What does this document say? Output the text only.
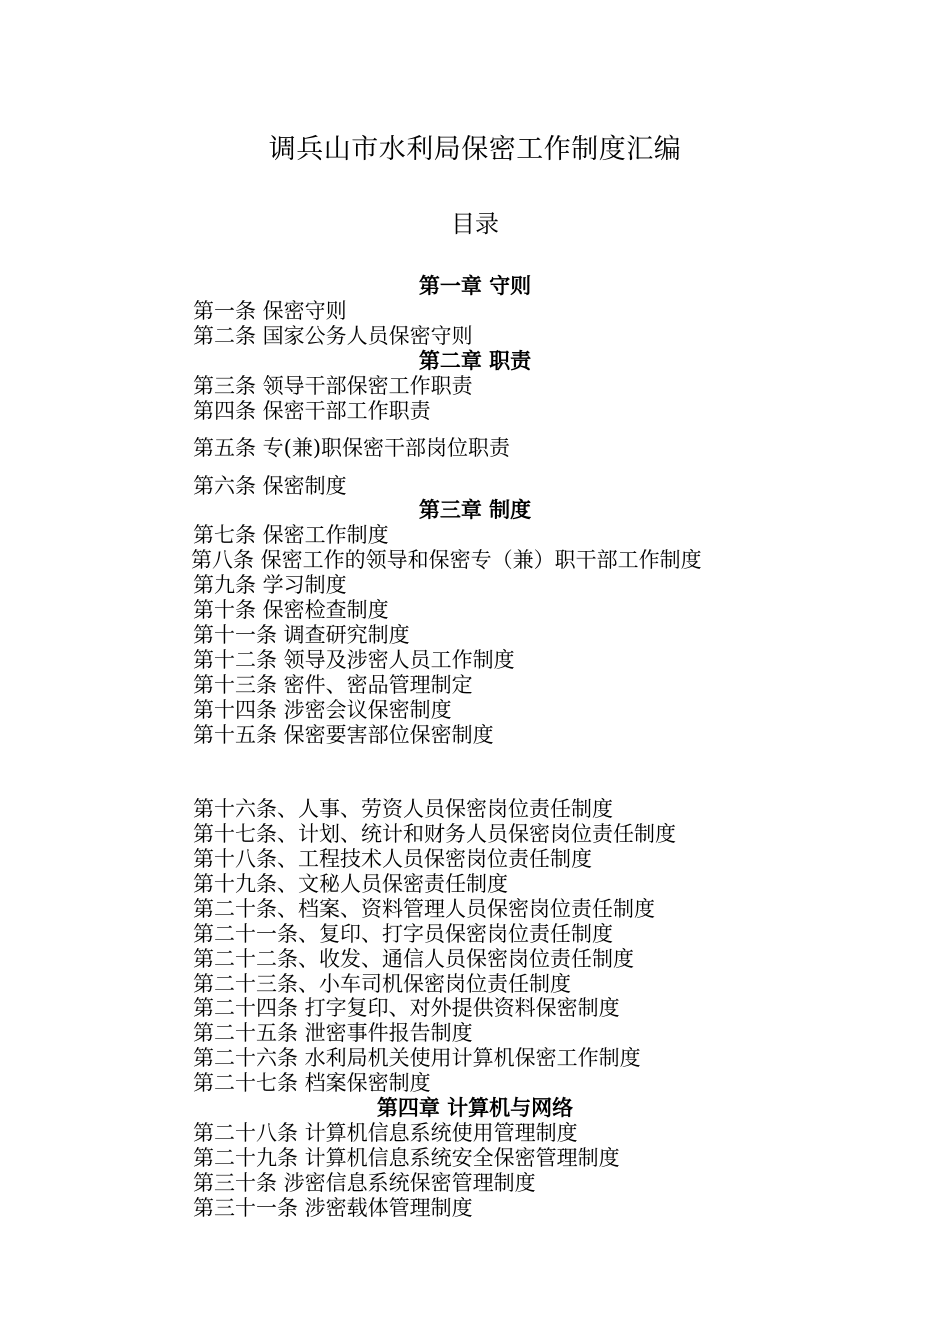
调兵山市水利局保密工作制度汇编
目录
第一章 守则
第一条 保密守则
第二条 国家公务人员保密守则
第二章 职责
第三条 领导干部保密工作职责
第四条 保密干部工作职责
第五条 专(兼)职保密干部岗位职责
第六条 保密制度
第三章 制度
第七条 保密工作制度
第八条 保密工作的领导和保密专（兼）职干部工作制度
第九条 学习制度
第十条 保密检查制度
第十一条 调查研究制度
第十二条 领导及涉密人员工作制度
第十三条 密件、密品管理制定
第十四条 涉密会议保密制度
第十五条 保密要害部位保密制度
第十六条、人事、劳资人员保密岗位责任制度
第十七条、计划、统计和财务人员保密岗位责任制度
第十八条、工程技术人员保密岗位责任制度
第十九条、文秘人员保密责任制度
第二十条、档案、资料管理人员保密岗位责任制度
第二十一条、复印、打字员保密岗位责任制度
第二十二条、收发、通信人员保密岗位责任制度
第二十三条、小车司机保密岗位责任制度
第二十四条 打字复印、对外提供资料保密制度
第二十五条 泄密事件报告制度
第二十六条 水利局机关使用计算机保密工作制度
第二十七条 档案保密制度
第四章 计算机与网络
第二十八条 计算机信息系统使用管理制度
第二十九条 计算机信息系统安全保密管理制度
第三十条 涉密信息系统保密管理制度
第三十一条 涉密载体管理制度
